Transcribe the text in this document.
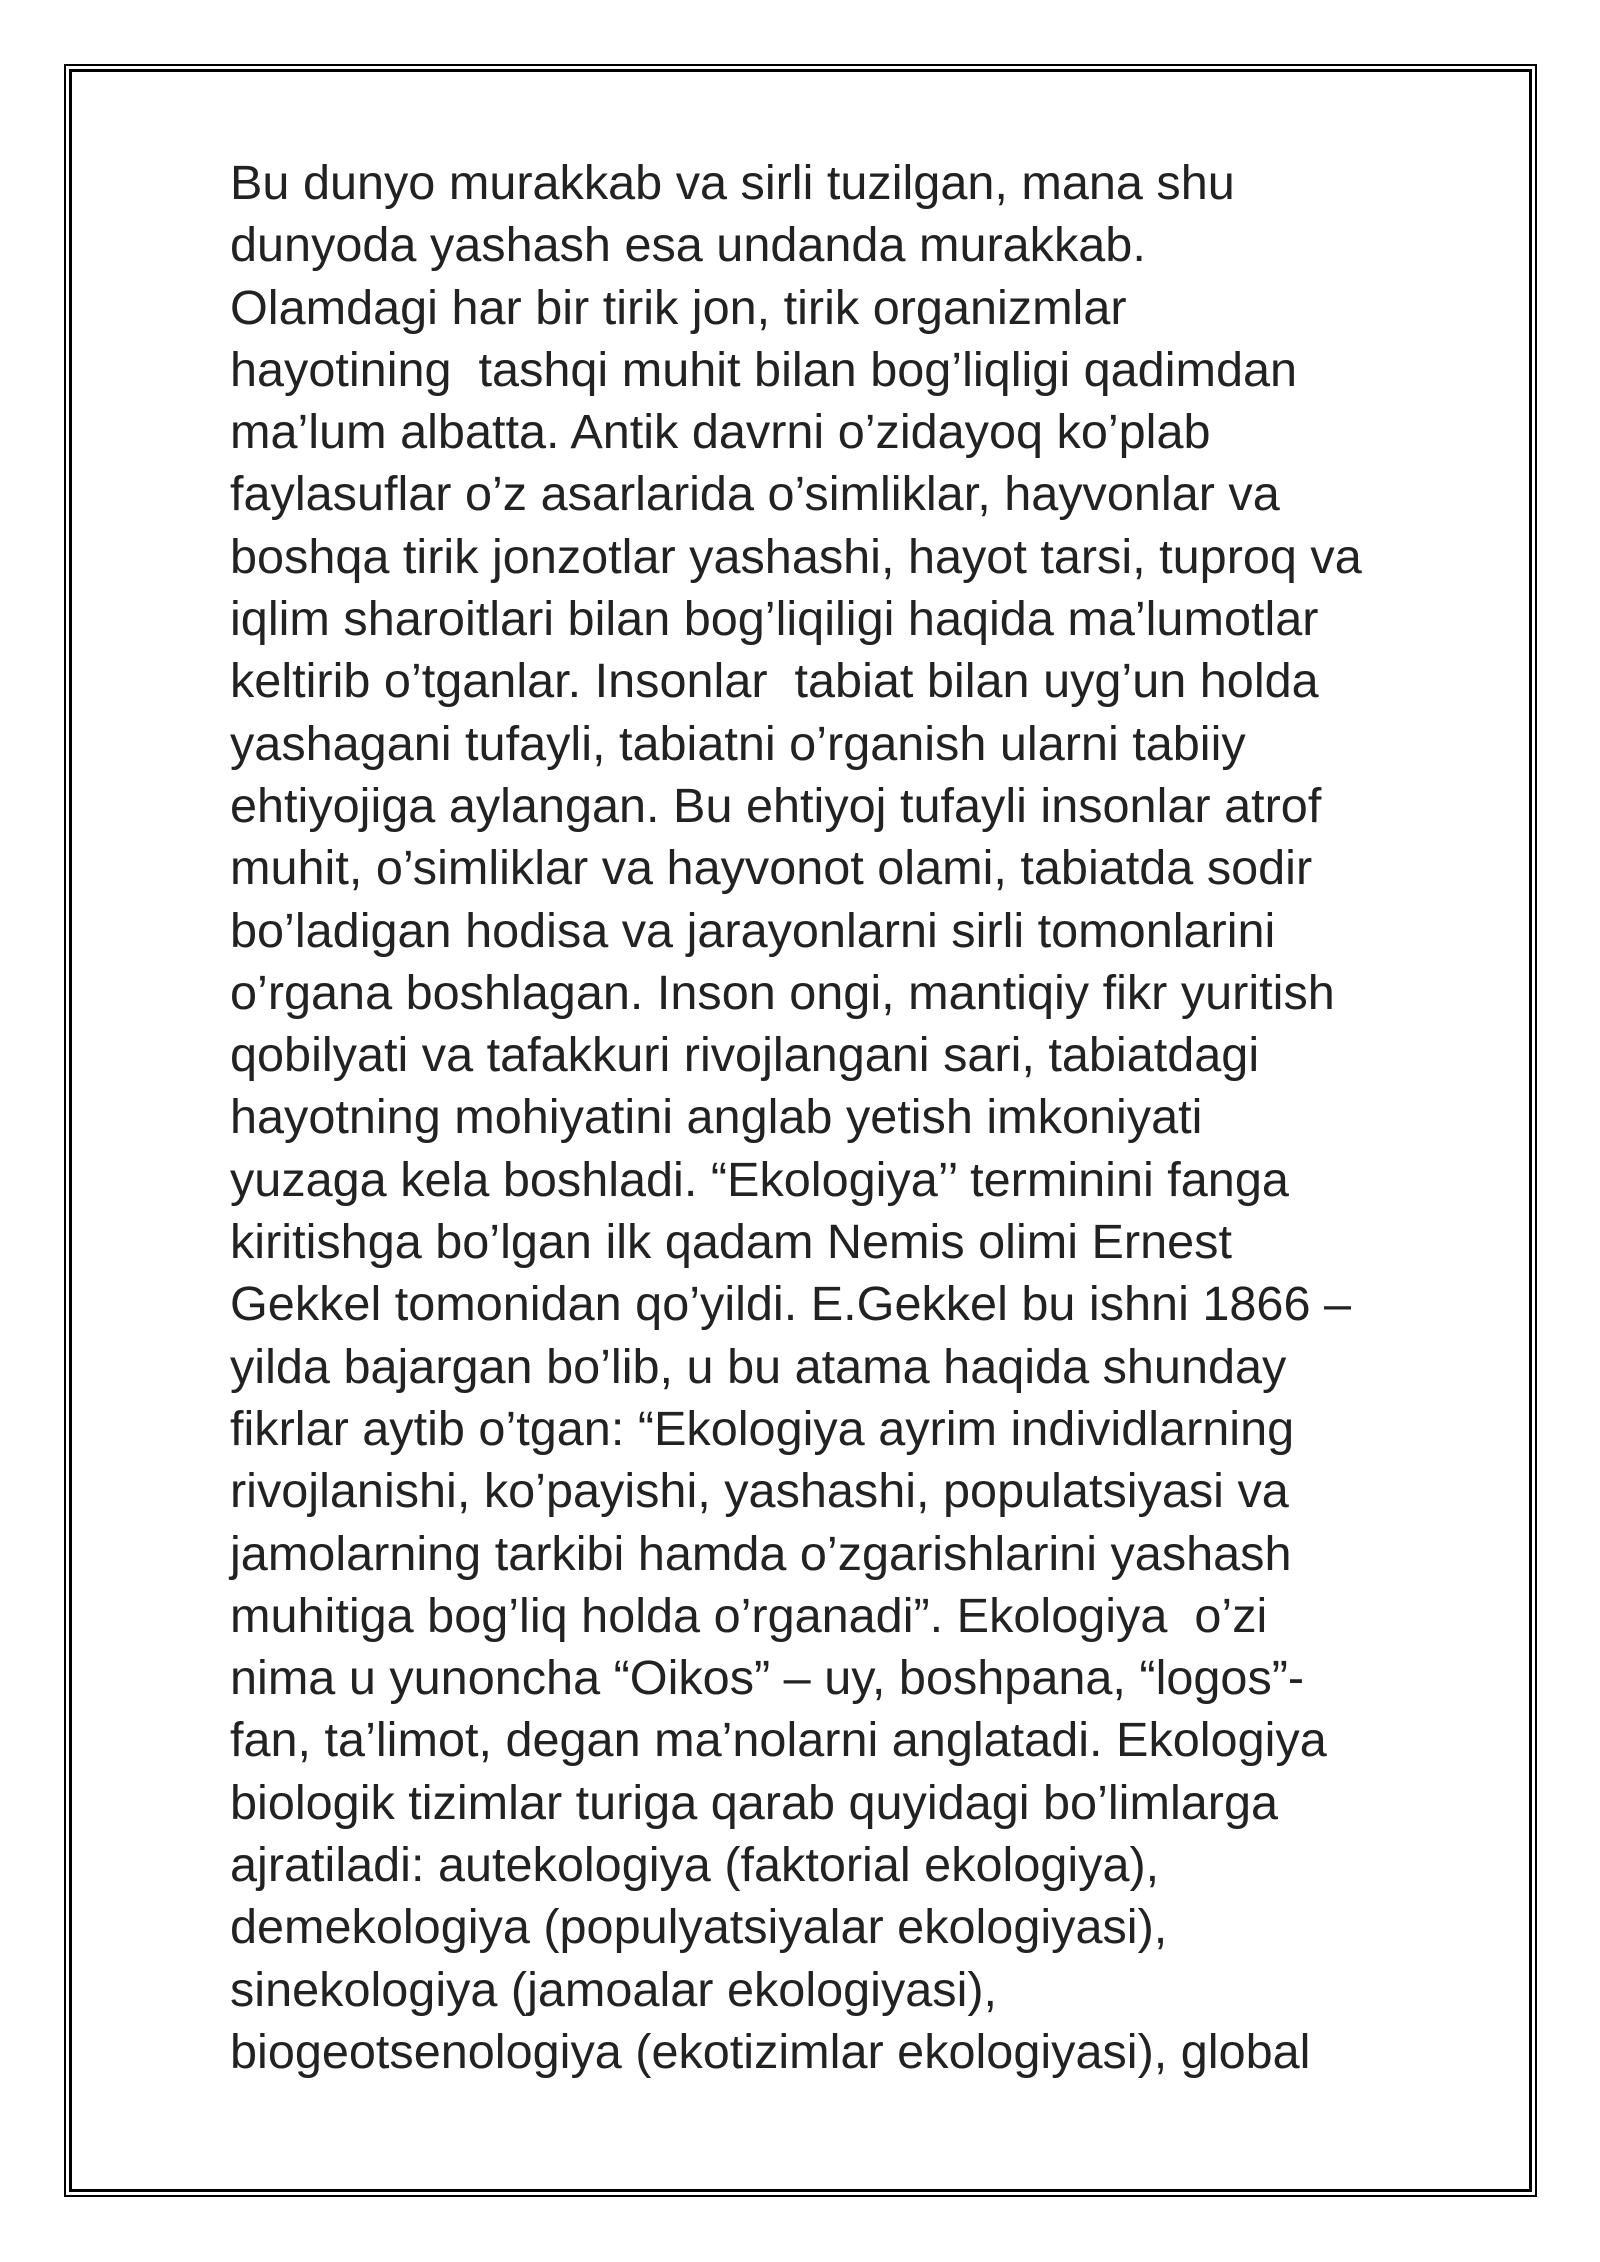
Bu dunyo murakkab va sirli tuzilgan, mana shu
dunyoda yashash esa undanda murakkab.
Olamdagi har bir tirik jon, tirik organizmlar
hayotining  tashqi muhit bilan bog’liqligi qadimdan
ma’lum albatta. Antik davrni o’zidayoq ko’plab
faylasuflar o’z asarlarida o’simliklar, hayvonlar va
boshqa tirik jonzotlar yashashi, hayot tarsi, tuproq va
iqlim sharoitlari bilan bog’liqiligi haqida ma’lumotlar
keltirib o’tganlar. Insonlar  tabiat bilan uyg’un holda
yashagani tufayli, tabiatni o’rganish ularni tabiiy
ehtiyojiga aylangan. Bu ehtiyoj tufayli insonlar atrof
muhit, o’simliklar va hayvonot olami, tabiatda sodir
bo’ladigan hodisa va jarayonlarni sirli tomonlarini
o’rgana boshlagan. Inson ongi, mantiqiy fikr yuritish
qobilyati va tafakkuri rivojlangani sari, tabiatdagi
hayotning mohiyatini anglab yetish imkoniyati
yuzaga kela boshladi. “Ekologiya’’ terminini fanga
kiritishga bo’lgan ilk qadam Nemis olimi Ernest
Gekkel tomonidan qo’yildi. E.Gekkel bu ishni 1866 –
yilda bajargan bo’lib, u bu atama haqida shunday
fikrlar aytib o’tgan: “Ekologiya ayrim individlarning
rivojlanishi, ko’payishi, yashashi, populatsiyasi va
jamolarning tarkibi hamda o’zgarishlarini yashash
muhitiga bog’liq holda o’rganadi”. Ekologiya  o’zi
nima u yunoncha “Oikos” – uy, boshpana, “logos”-
fan, ta’limot, degan ma’nolarni anglatadi. Ekologiya
biologik tizimlar turiga qarab quyidagi bo’limlarga
ajratiladi: autekologiya (faktorial ekologiya),
demekologiya (populyatsiyalar ekologiyasi),
sinekologiya (jamoalar ekologiyasi),
biogeotsenologiya (ekotizimlar ekologiyasi), global
